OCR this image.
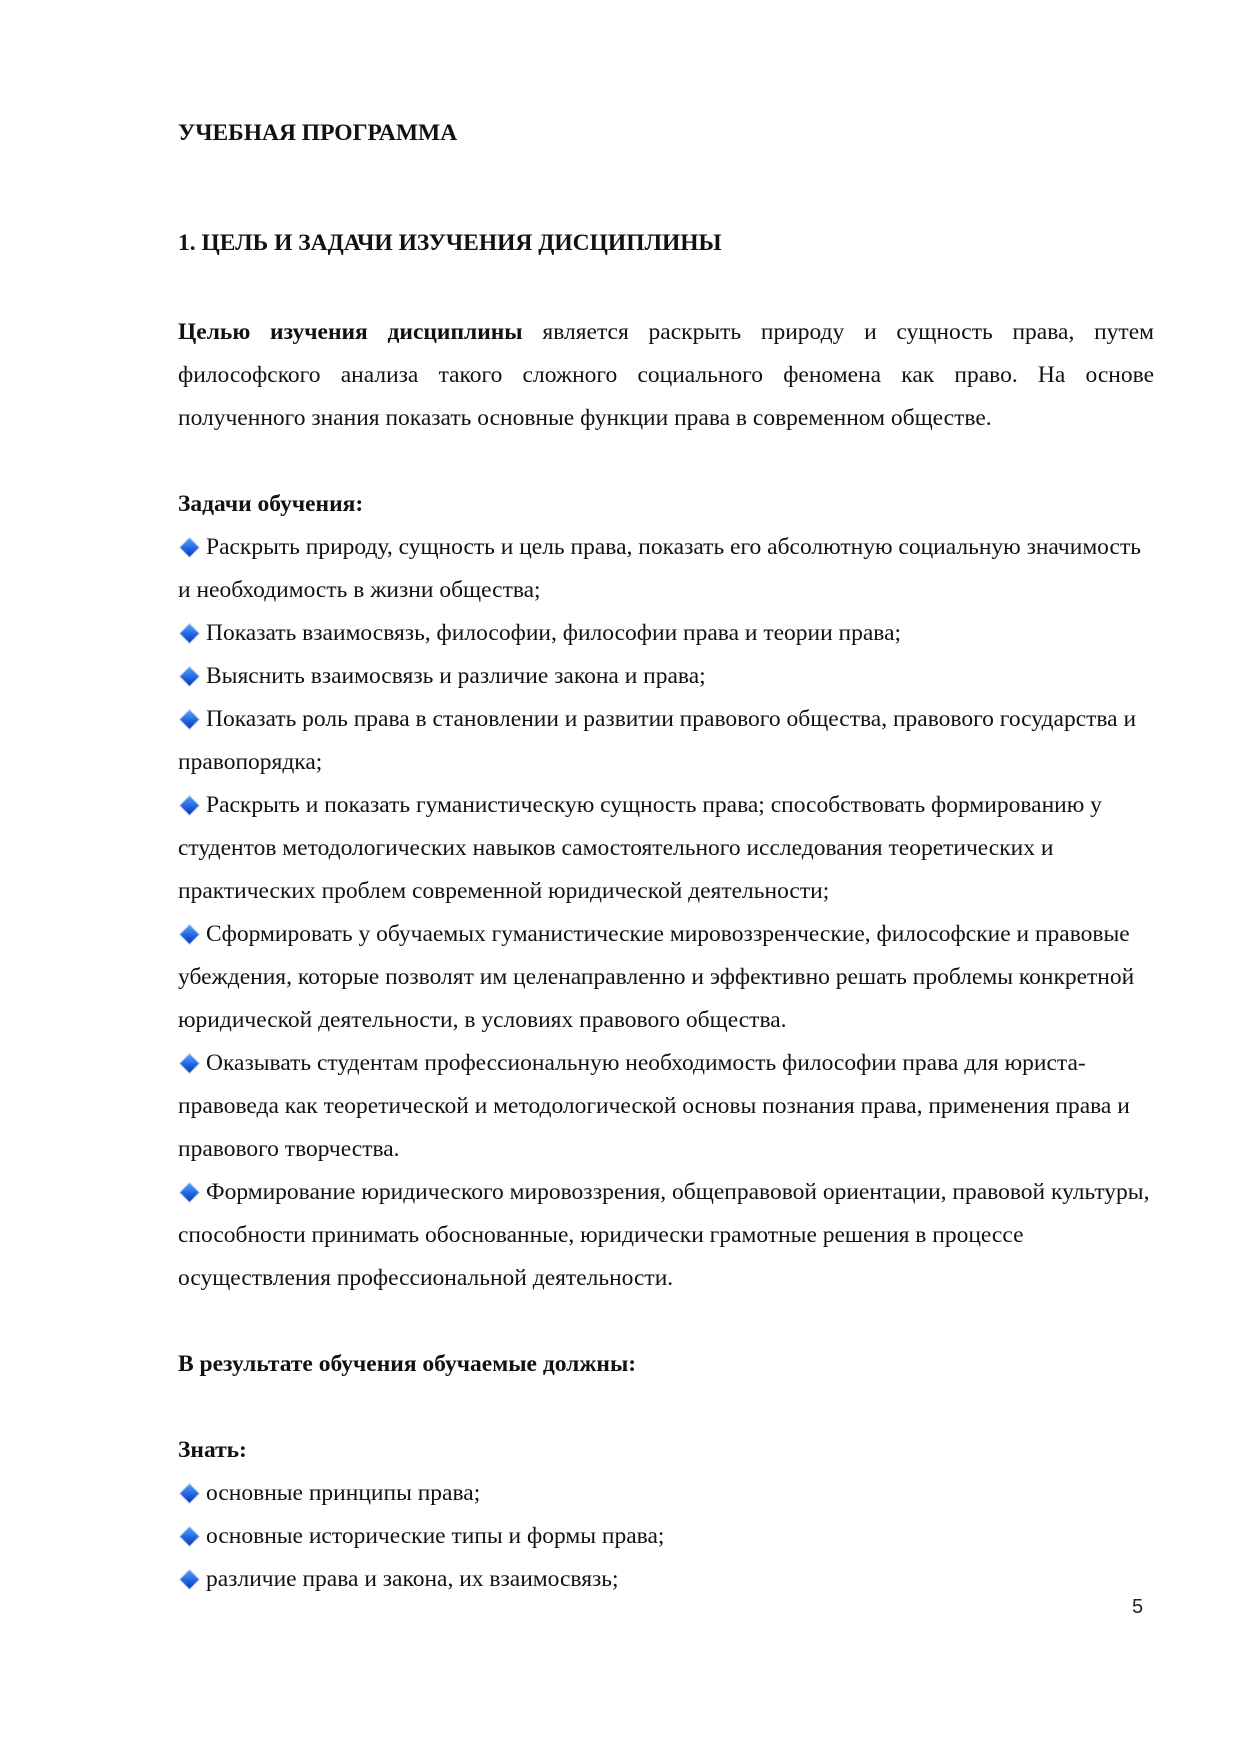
УЧЕБНАЯ ПРОГРАММА

1. ЦЕЛЬ И ЗАДАЧИ ИЗУЧЕНИЯ ДИСЦИПЛИНЫ

Целью изучения дисциплины является раскрыть природу и сущность права, путем философского анализа такого сложного социального феномена как право. На основе полученного знания показать основные функции права в современном обществе.

Задачи обучения:

Раскрыть природу, сущность и цель права, показать его абсолютную социальную значимость и необходимость в жизни общества;

Показать взаимосвязь, философии, философии права и теории права;

Выяснить взаимосвязь и различие закона и права;

Показать роль права в становлении и развитии правового общества, правового государства и правопорядка;

Раскрыть и показать гуманистическую сущность права; способствовать формированию у студентов методологических навыков самостоятельного исследования теоретических и практических проблем современной юридической деятельности;

Сформировать у обучаемых гуманистические мировоззренческие, философские и правовые убеждения, которые позволят им целенаправленно и эффективно решать проблемы конкретной юридической деятельности, в условиях правового общества.

Оказывать студентам профессиональную необходимость философии права для юриста-правоведа как теоретической и методологической основы познания права, применения права и правового творчества.

Формирование юридического мировоззрения, общеправовой ориентации, правовой культуры, способности принимать обоснованные, юридически грамотные решения в процессе осуществления профессиональной деятельности.

В результате обучения обучаемые должны:

Знать:

основные принципы права;

основные исторические типы и формы права;

различие права и закона, их взаимосвязь;

5
